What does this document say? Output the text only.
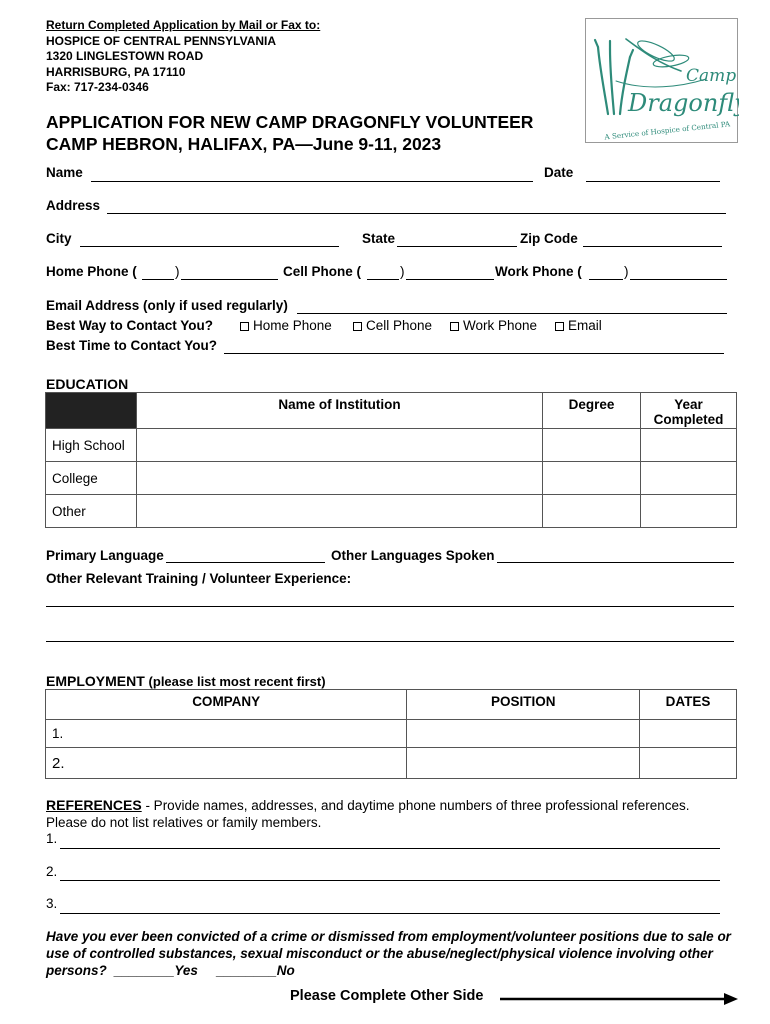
Return Completed Application by Mail or Fax to:
HOSPICE OF CENTRAL PENNSYLVANIA
1320 LINGLESTOWN ROAD
HARRISBURG, PA 17110
Fax: 717-234-0346
Camp
Dragonfly
A Service of Hospice of Central PA
APPLICATION FOR NEW CAMP DRAGONFLY VOLUNTEER
CAMP HEBRON, HALIFAX, PA—June 9-11, 2023
Name	Date
Address
City	State	Zip Code
Home Phone (	)	Cell Phone (	)	Work Phone (	)
Email Address (only if used regularly)
Best Way to Contact You?	Home Phone	Cell Phone	Work Phone	Email
Best Time to Contact You?
EDUCATION
	Name of Institution	Degree	Year Completed
High School			
College			
Other			
Primary Language	Other Languages Spoken
Other Relevant Training / Volunteer Experience:
EMPLOYMENT (please list most recent first)
COMPANY	POSITION	DATES
1.		
2.		
REFERENCES - Provide names, addresses, and daytime phone numbers of three professional references.
Please do not list relatives or family members.
1.
2.
3.
Have you ever been convicted of a crime or dismissed from employment/volunteer positions due to sale or use of controlled substances, sexual misconduct or the abuse/neglect/physical violence involving other persons? ________Yes ________No
Please Complete Other Side
